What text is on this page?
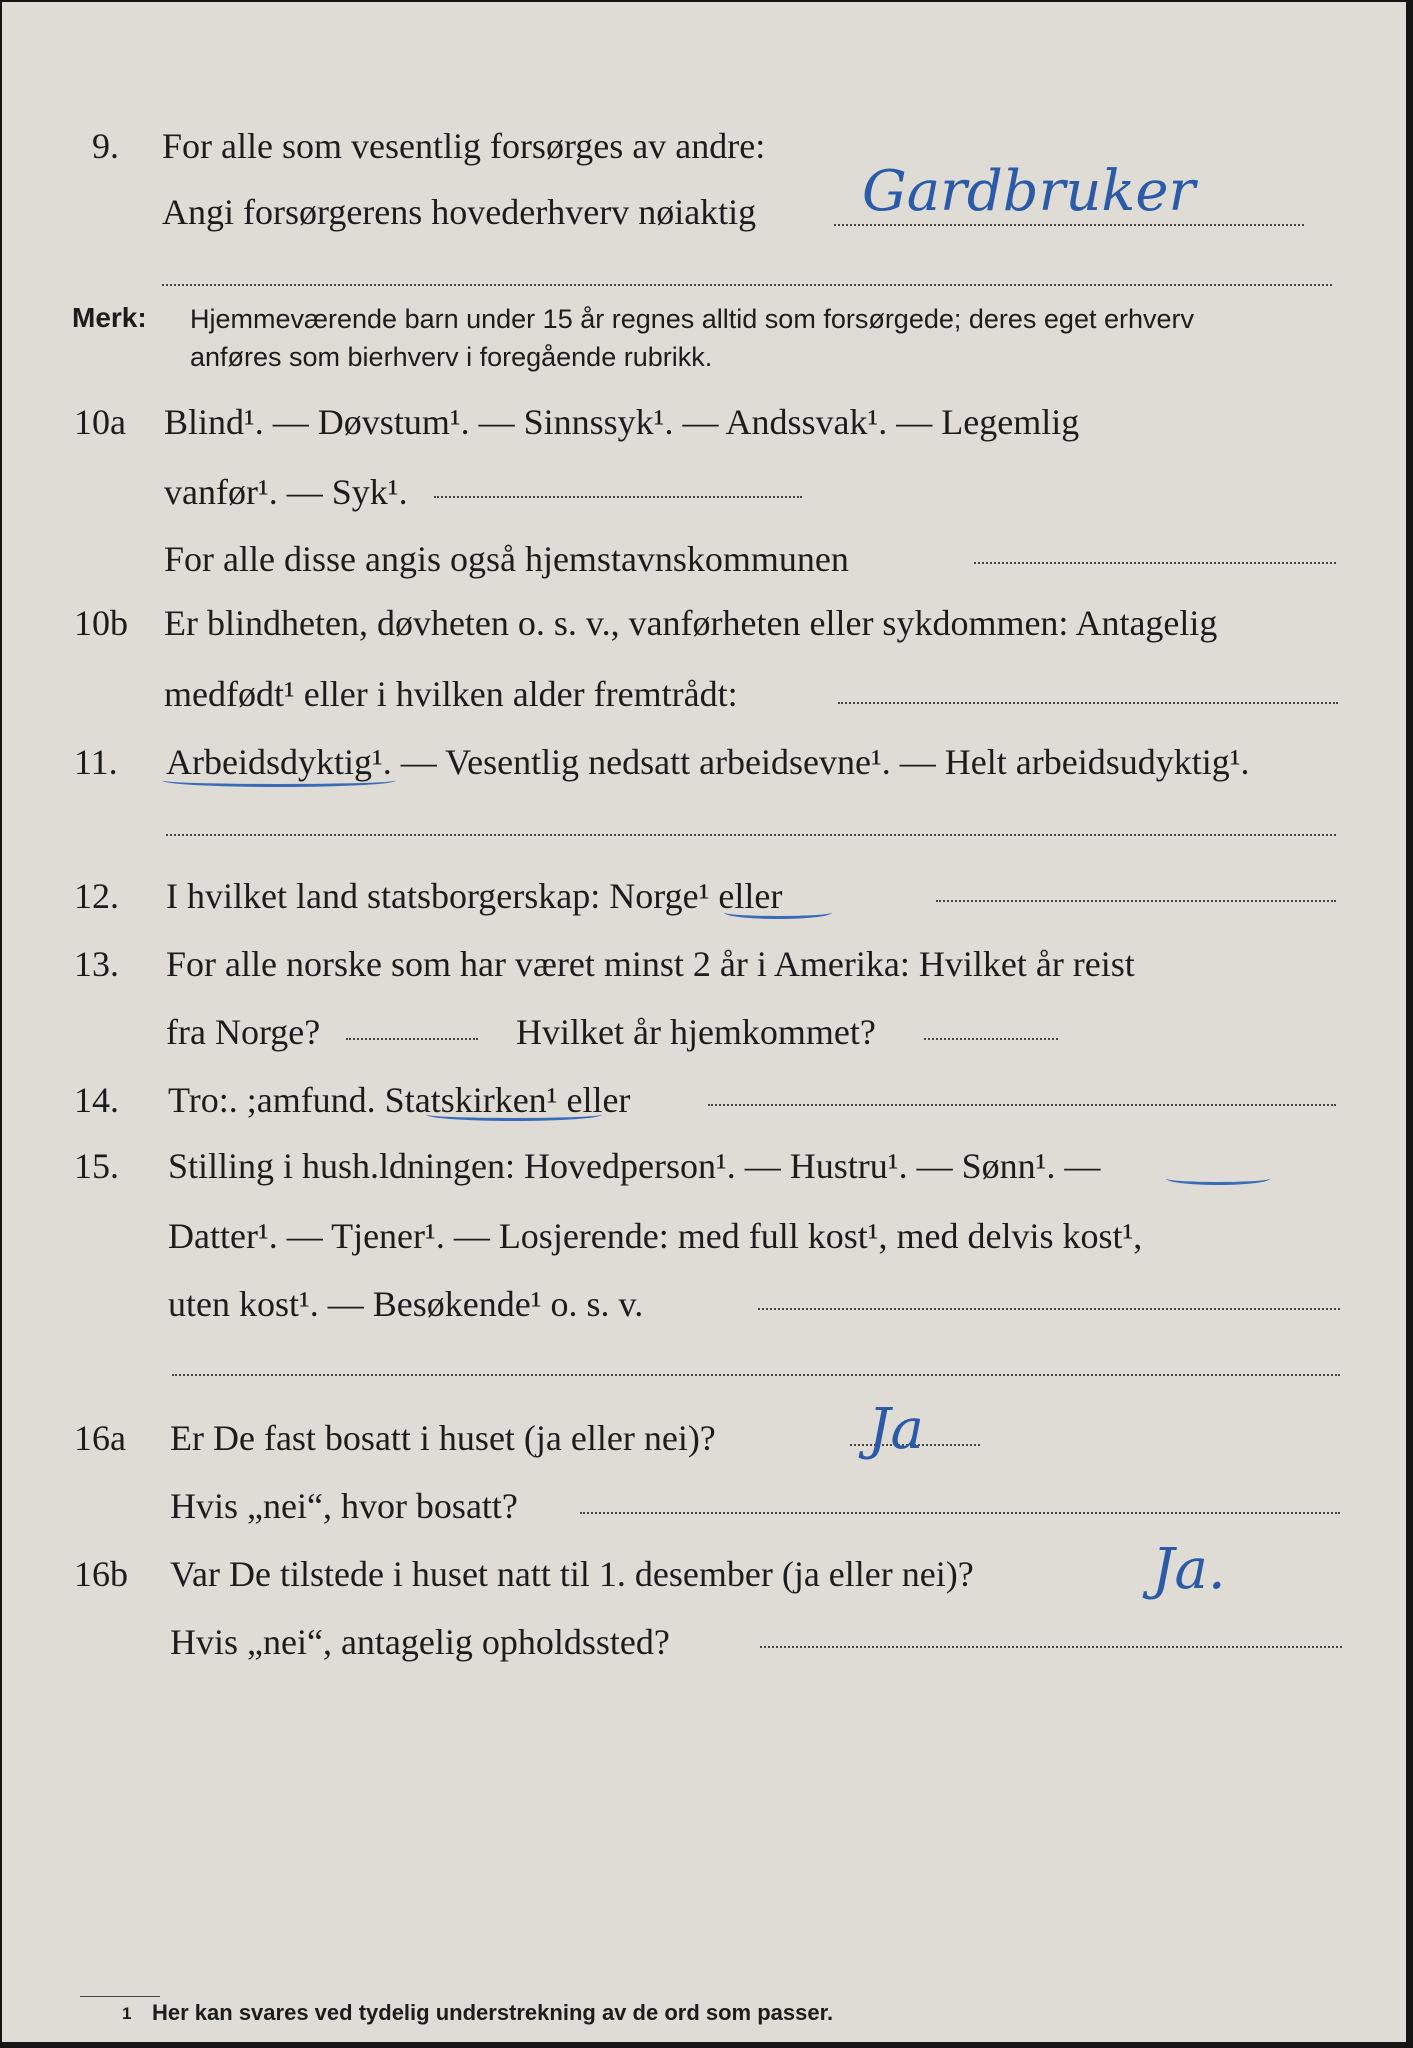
9. For alle som vesentlig forsørges av andre:
Angi forsørgerens hovederhverv nøiaktig Gardbruker
Merk: Hjemmeværende barn under 15 år regnes alltid som forsørgede; deres eget erhverv
anføres som bierhverv i foregående rubrikk.
10a Blind¹. — Døvstum¹. — Sinnssyk¹. — Andssvak¹. — Legemlig
vanfør¹. — Syk¹.
For alle disse angis også hjemstavnskommunen
10b Er blindheten, døvheten o. s. v., vanførheten eller sykdommen: Antagelig
medfødt¹ eller i hvilken alder fremtrådt:
11. Arbeidsdyktig¹. — Vesentlig nedsatt arbeidsevne¹. — Helt arbeidsudyktig¹.
12. I hvilket land statsborgerskap: Norge¹ eller
13. For alle norske som har været minst 2 år i Amerika: Hvilket år reist
fra Norge?	Hvilket år hjemkommet?
14. Tro:. ;amfund. Statskirken¹ eller
15. Stilling i hush.ldningen: Hovedperson¹. — Hustru¹. — Sønn¹. —
Datter¹. — Tjener¹. — Losjerende: med full kost¹, med delvis kost¹,
uten kost¹. — Besøkende¹ o. s. v.
16a Er De fast bosatt i huset (ja eller nei)?	Ja
Hvis „nei“, hvor bosatt?
16b Var De tilstede i huset natt til 1. desember (ja eller nei)?	Ja.
Hvis „nei“, antagelig opholdssted?
1 Her kan svares ved tydelig understrekning av de ord som passer.
